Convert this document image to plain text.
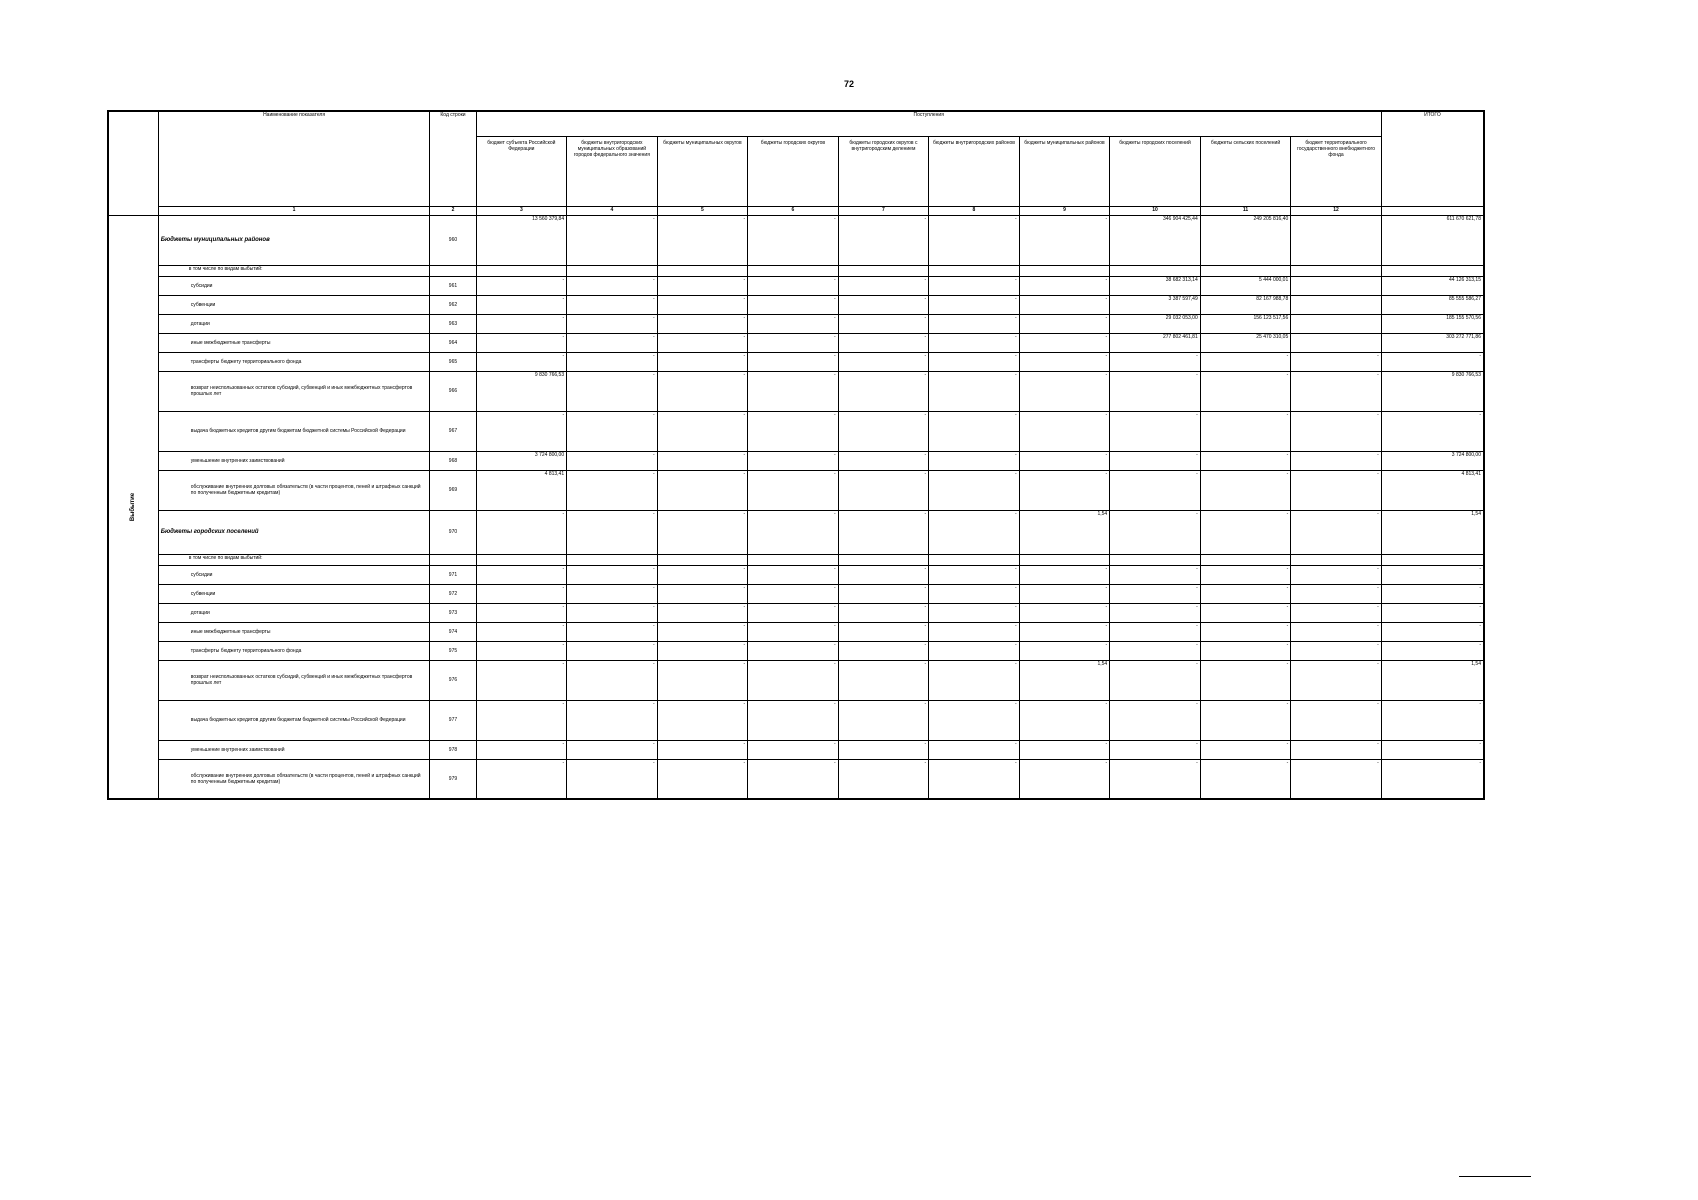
72
	Наименование показателя	Код строки	Поступления										ИТОГО
			бюджет субъекта Российской Федерации	бюджеты внутригородских муниципальных образований городов федерального значения	бюджеты муниципальных округов	бюджеты городских округов	бюджеты городских округов с внутригородским делением	бюджеты внутригородских районов	бюджеты муниципальных районов	бюджеты городских поселений	бюджеты сельских поселений	бюджет территориального государственного внебюджетного фонда	
	1	2	3	4	5	6	7	8	9	10	11	12	
Выбытие	Бюджеты муниципальных районов	960	13 560 379,84	-	-	-	-	-	-	346 904 425,44	249 205 816,40		611 670 621,78
	в том числе по видам выбытий:												
	субсидии	961	-	-	-	-	-	-	-	38 682 313,14	5 444 000,01		44 126 313,15
	субвенции	962	-	-	-	-	-	-	-	3 387 597,49	82 167 988,78		85 555 586,27
	дотации	963	-	-	-	-	-	-	-	29 032 053,00	156 123 517,56		185 155 570,56
	иные межбюджетные трансферты	964	-	-	-	-	-	-	-	277 802 461,81	25 470 310,05		303 272 771,86
	трансферты бюджету территориального фонда	965	-	-	-	-	-	-	-	-	-	-	-
	возврат неиспользованных остатков субсидий, субвенций и иных межбюджетных трансфертов прошлых лет	966	9 830 766,53	-	-	-	-	-	-	-	-	-	9 830 766,53
	выдача бюджетных кредитов другим бюджетам бюджетной системы Российской Федерации	967	-	-	-	-	-	-	-	-	-	-	-
	уменьшение внутренних заимствований	968	3 724 800,00	-	-	-	-	-	-	-	-	-	3 724 800,00
	обслуживание внутренних долговых обязательств (в части процентов, пеней и штрафных санкций по полученным бюджетным кредитам)	969	4 813,41	-	-	-	-	-	-	-	-	-	4 813,41
	Бюджеты городских поселений	970	-	-	-	-	-	-	1,54	-	-	-	1,54
	в том числе по видам выбытий:												
	субсидии	971	-	-	-	-	-	-	-	-	-	-	-
	субвенции	972	-	-	-	-	-	-	-	-	-	-	-
	дотации	973	-	-	-	-	-	-	-	-	-	-	-
	иные межбюджетные трансферты	974	-	-	-	-	-	-	-	-	-	-	-
	трансферты бюджету территориального фонда	975	-	-	-	-	-	-	-	-	-	-	-
	возврат неиспользованных остатков субсидий, субвенций и иных межбюджетных трансфертов прошлых лет	976	-	-	-	-	-	-	1,54	-	-	-	1,54
	выдача бюджетных кредитов другим бюджетам бюджетной системы Российской Федерации	977	-	-	-	-	-	-	-	-	-	-	-
	уменьшение внутренних заимствований	978	-	-	-	-	-	-	-	-	-	-	-
	обслуживание внутренних долговых обязательств (в части процентов, пеней и штрафных санкций по полученным бюджетным кредитам)	979	-	-	-	-	-	-	-	-	-	-	-
